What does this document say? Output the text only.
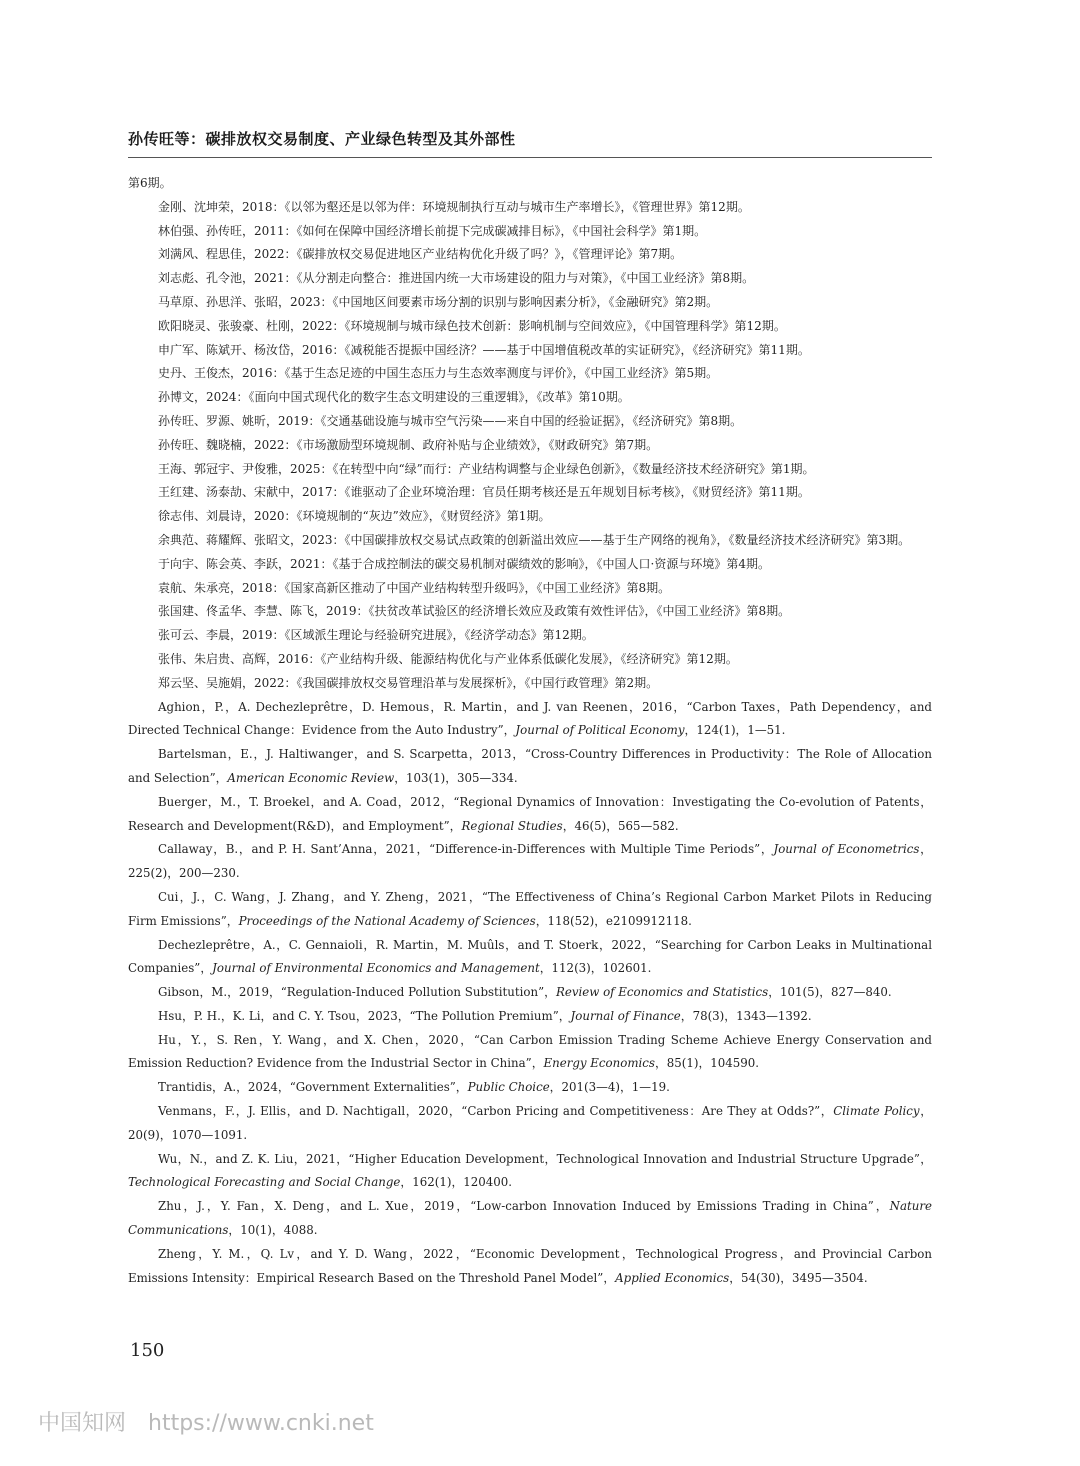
孙传旺等：碳排放权交易制度、产业绿色转型及其外部性
第6期。
金刚、沈坤荣，2018：《以邻为壑还是以邻为伴：环境规制执行互动与城市生产率增长》，《管理世界》第12期。
林伯强、孙传旺，2011：《如何在保障中国经济增长前提下完成碳减排目标》，《中国社会科学》第1期。
刘满风、程思佳，2022：《碳排放权交易促进地区产业结构优化升级了吗？》，《管理评论》第7期。
刘志彪、孔令池，2021：《从分割走向整合：推进国内统一大市场建设的阻力与对策》，《中国工业经济》第8期。
马草原、孙思洋、张昭，2023：《中国地区间要素市场分割的识别与影响因素分析》，《金融研究》第2期。
欧阳晓灵、张骏豪、杜刚，2022：《环境规制与城市绿色技术创新：影响机制与空间效应》，《中国管理科学》第12期。
申广军、陈斌开、杨汝岱，2016：《减税能否提振中国经济？——基于中国增值税改革的实证研究》，《经济研究》第11期。
史丹、王俊杰，2016：《基于生态足迹的中国生态压力与生态效率测度与评价》，《中国工业经济》第5期。
孙博文，2024：《面向中国式现代化的数字生态文明建设的三重逻辑》，《改革》第10期。
孙传旺、罗源、姚昕，2019：《交通基础设施与城市空气污染——来自中国的经验证据》，《经济研究》第8期。
孙传旺、魏晓楠，2022：《市场激励型环境规制、政府补贴与企业绩效》，《财政研究》第7期。
王海、郭冠宇、尹俊雅，2025：《在转型中向“绿”而行：产业结构调整与企业绿色创新》，《数量经济技术经济研究》第1期。
王红建、汤泰劼、宋献中，2017：《谁驱动了企业环境治理：官员任期考核还是五年规划目标考核》，《财贸经济》第11期。
徐志伟、刘晨诗，2020：《环境规制的“灰边”效应》，《财贸经济》第1期。
余典范、蒋耀辉、张昭文，2023：《中国碳排放权交易试点政策的创新溢出效应——基于生产网络的视角》，《数量经济技术经济研究》第3期。
于向宇、陈会英、李跃，2021：《基于合成控制法的碳交易机制对碳绩效的影响》，《中国人口·资源与环境》第4期。
袁航、朱承亮，2018：《国家高新区推动了中国产业结构转型升级吗》，《中国工业经济》第8期。
张国建、佟孟华、李慧、陈飞，2019：《扶贫改革试验区的经济增长效应及政策有效性评估》，《中国工业经济》第8期。
张可云、李晨，2019：《区域派生理论与经验研究进展》，《经济学动态》第12期。
张伟、朱启贵、高辉，2016：《产业结构升级、能源结构优化与产业体系低碳化发展》，《经济研究》第12期。
郑云坚、吴施娟，2022：《我国碳排放权交易管理沿革与发展探析》，《中国行政管理》第2期。
Aghion，P.，A. Dechezleprêtre，D. Hemous，R. Martin，and J. van Reenen，2016，“Carbon Taxes，Path Dependency，and Directed Technical Change：Evidence from the Auto Industry”，Journal of Political Economy，124(1)，1—51.
Bartelsman，E.，J. Haltiwanger，and S. Scarpetta，2013，“Cross-Country Differences in Productivity：The Role of Allocation and Selection”，American Economic Review，103(1)，305—334.
Buerger，M.，T. Broekel，and A. Coad，2012，“Regional Dynamics of Innovation：Investigating the Co-evolution of Patents，Research and Development(R&D)，and Employment”，Regional Studies，46(5)，565—582.
Callaway，B.，and P. H. Sant’Anna，2021，“Difference-in-Differences with Multiple Time Periods”，Journal of Econometrics，225(2)，200—230.
Cui，J.，C. Wang，J. Zhang，and Y. Zheng，2021，“The Effectiveness of China’s Regional Carbon Market Pilots in Reducing Firm Emissions”，Proceedings of the National Academy of Sciences，118(52)，e2109912118.
Dechezleprêtre，A.，C. Gennaioli，R. Martin，M. Muûls，and T. Stoerk，2022，“Searching for Carbon Leaks in Multinational Companies”，Journal of Environmental Economics and Management，112(3)，102601.
Gibson，M.，2019，“Regulation-Induced Pollution Substitution”，Review of Economics and Statistics，101(5)，827—840.
Hsu，P. H.，K. Li，and C. Y. Tsou，2023，“The Pollution Premium”，Journal of Finance，78(3)，1343—1392.
Hu，Y.，S. Ren，Y. Wang，and X. Chen，2020，“Can Carbon Emission Trading Scheme Achieve Energy Conservation and Emission Reduction? Evidence from the Industrial Sector in China”，Energy Economics，85(1)，104590.
Trantidis，A.，2024，“Government Externalities”，Public Choice，201(3—4)，1—19.
Venmans，F.，J. Ellis，and D. Nachtigall，2020，“Carbon Pricing and Competitiveness：Are They at Odds?”，Climate Policy，20(9)，1070—1091.
Wu，N.，and Z. K. Liu，2021，“Higher Education Development，Technological Innovation and Industrial Structure Upgrade”，Technological Forecasting and Social Change，162(1)，120400.
Zhu，J.，Y. Fan，X. Deng，and L. Xue，2019，“Low-carbon Innovation Induced by Emissions Trading in China”，Nature Communications，10(1)，4088.
Zheng，Y. M.，Q. Lv，and Y. D. Wang，2022，“Economic Development，Technological Progress，and Provincial Carbon Emissions Intensity：Empirical Research Based on the Threshold Panel Model”，Applied Economics，54(30)，3495—3504.
150
中国知网 https://www.cnki.net
